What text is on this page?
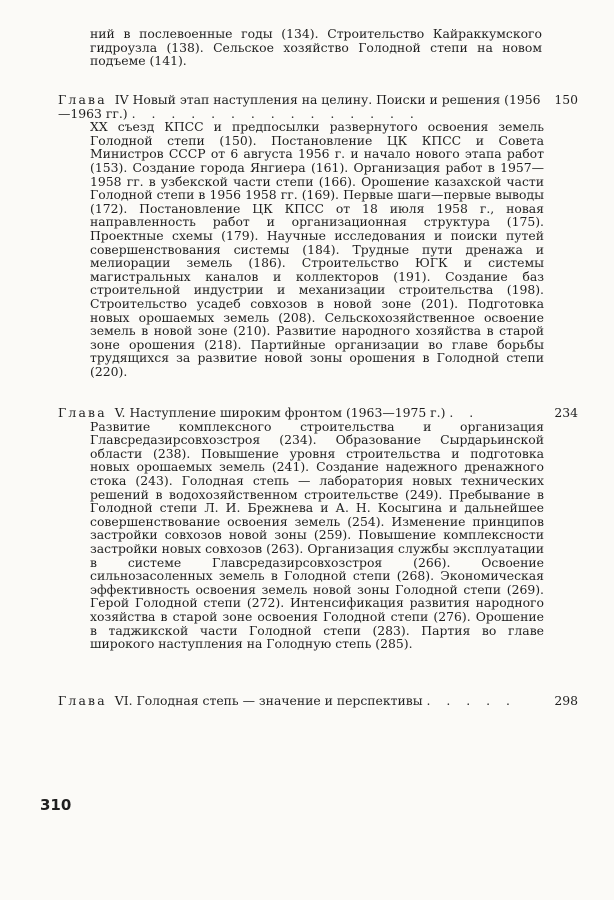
ний в послевоенные годы (134). Строительство Кайраккумского гидроузла (138). Сельское хозяйство Голодной степи на новом подъеме (141).
Глава IV Новый этап наступления на целину. Поиски и решения (1956—1963 гг.) . . . . . . . . . . . . . . .
150
XX съезд КПСС и предпосылки развернутого освоения земель Голодной степи (150). Постановление ЦК КПСС и Совета Министров СССР от 6 августа 1956 г. и начало нового этапа работ (153). Создание города Янгиера (161). Организация работ в 1957—1958 гг. в узбекской части степи (166). Орошение казахской части Голодной степи в 1956 1958 гг. (169). Первые шаги—первые выводы (172). Постановление ЦК КПСС от 18 июля 1958 г., новая направленность работ и организационная структура (175). Проектные схемы (179). Научные исследования и поиски путей совершенствования системы (184). Трудные пути дренажа и мелиорации земель (186). Строительство ЮГК и системы магистральных каналов и коллекторов (191). Создание баз строительной индустрии и механизации строительства (198). Строительство усадеб совхозов в новой зоне (201). Подготовка новых орошаемых земель (208). Сельскохозяйственное освоение земель в новой зоне (210). Развитие народного хозяйства в старой зоне орошения (218). Партийные организации во главе борьбы трудящихся за развитие новой зоны орошения в Голодной степи (220).
Глава V. Наступление широким фронтом (1963—1975 г.) . .	234
Развитие комплексного строительства и организация Главсредазирсовхозстроя (234). Образование Сырдарьинской области (238). Повышение уровня строительства и подготовка новых орошаемых земель (241). Создание надежного дренажного стока (243). Голодная степь — лаборатория новых технических решений в водохозяйственном строительстве (249). Пребывание в Голодной степи Л. И. Брежнева и А. Н. Косыгина и дальнейшее совершенствование освоения земель (254). Изменение принципов застройки совхозов новой зоны (259). Повышение комплексности застройки новых совхозов (263). Организация службы эксплуатации в системе Главсредазирсовхозстроя (266). Освоение сильнозасоленных земель в Голодной степи (268). Экономическая эффективность освоения земель новой зоны Голодной степи (269). Герой Голодной степи (272). Интенсификация развития народного хозяйства в старой зоне освоения Голодной степи (276). Орошение в таджикской части Голодной степи (283). Партия во главе широкого наступления на Голодную степь (285).
Глава VI. Голодная степь — значение и перспективы . . . . .	298
310
